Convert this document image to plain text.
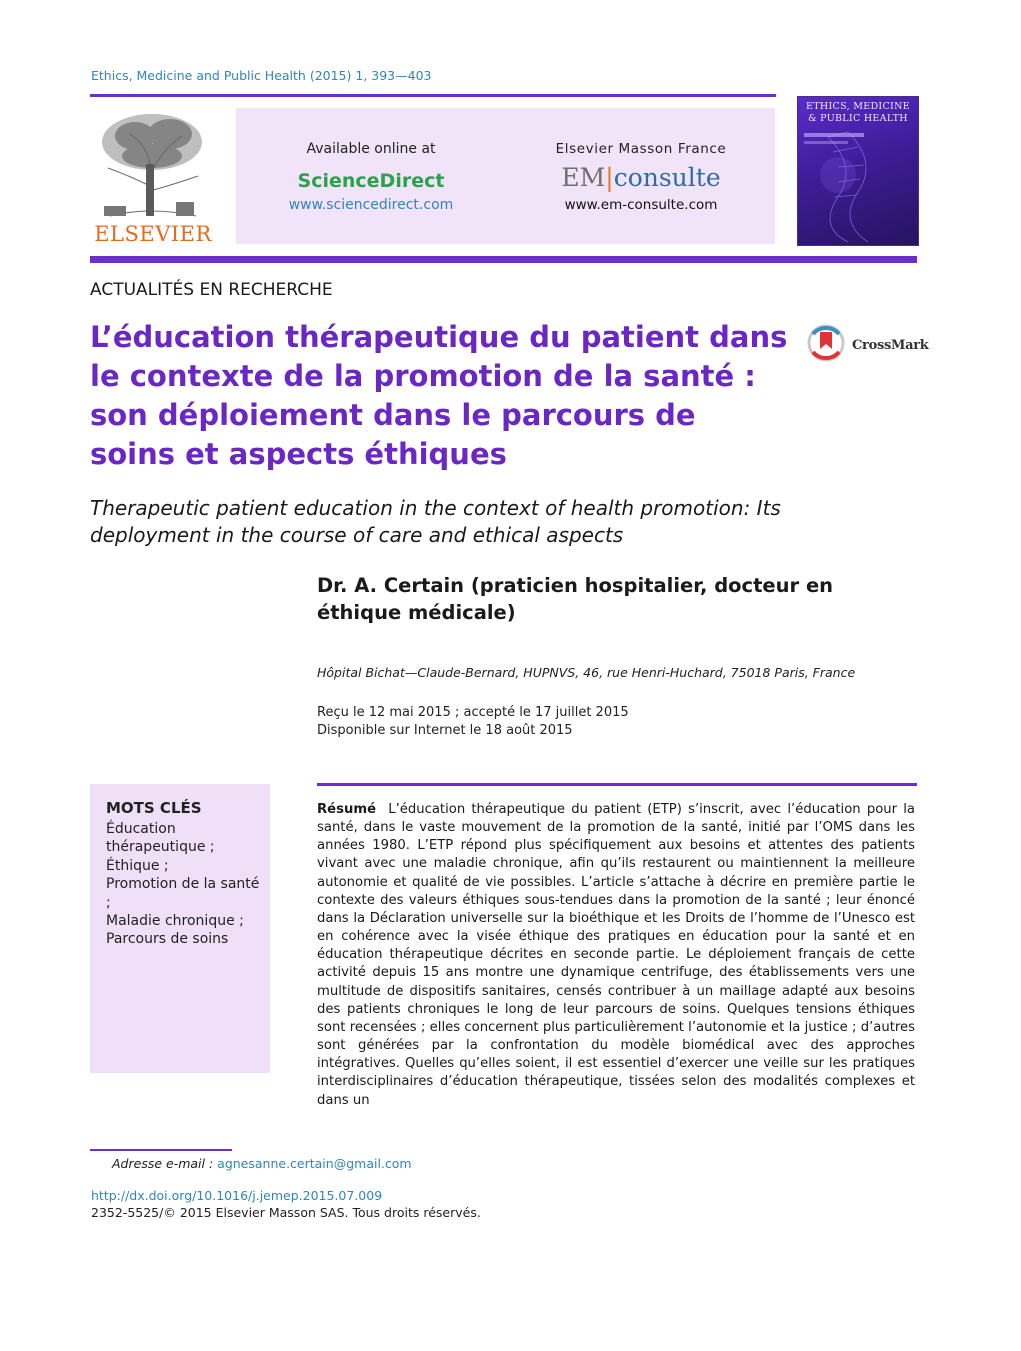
Ethics, Medicine and Public Health (2015) 1, 393—403
ELSEVIER
Available online at
ScienceDirect
www.sciencedirect.com
Elsevier Masson France
EM|consulte
www.em-consulte.com
ETHICS, MEDICINE
& PUBLIC HEALTH
ACTUALITÉS EN RECHERCHE
L’éducation thérapeutique du patient dans le contexte de la promotion de la santé : son déploiement dans le parcours de soins et aspects éthiques
CrossMark
Therapeutic patient education in the context of health promotion: Its deployment in the course of care and ethical aspects
Dr. A. Certain (praticien hospitalier, docteur en éthique médicale)
Hôpital Bichat—Claude-Bernard, HUPNVS, 46, rue Henri-Huchard, 75018 Paris, France
Reçu le 12 mai 2015 ; accepté le 17 juillet 2015
Disponible sur Internet le 18 août 2015
MOTS CLÉS
Éducation thérapeutique ;
Éthique ;
Promotion de la santé ;
Maladie chronique ;
Parcours de soins
Résumé L’éducation thérapeutique du patient (ETP) s’inscrit, avec l’éducation pour la santé, dans le vaste mouvement de la promotion de la santé, initié par l’OMS dans les années 1980. L’ETP répond plus spécifiquement aux besoins et attentes des patients vivant avec une maladie chronique, afin qu’ils restaurent ou maintiennent la meilleure autonomie et qualité de vie possibles. L’article s’attache à décrire en première partie le contexte des valeurs éthiques sous-tendues dans la promotion de la santé ; leur énoncé dans la Déclaration universelle sur la bioéthique et les Droits de l’homme de l’Unesco est en cohérence avec la visée éthique des pratiques en éducation pour la santé et en éducation thérapeutique décrites en seconde partie. Le déploiement français de cette activité depuis 15 ans montre une dynamique centrifuge, des établissements vers une multitude de dispositifs sanitaires, censés contribuer à un maillage adapté aux besoins des patients chroniques le long de leur parcours de soins. Quelques tensions éthiques sont recensées ; elles concernent plus particulièrement l’autonomie et la justice ; d’autres sont générées par la confrontation du modèle biomédical avec des approches intégratives. Quelles qu’elles soient, il est essentiel d’exercer une veille sur les pratiques interdisciplinaires d’éducation thérapeutique, tissées selon des modalités complexes et dans un
Adresse e-mail : agnesanne.certain@gmail.com
http://dx.doi.org/10.1016/j.jemep.2015.07.009
2352-5525/© 2015 Elsevier Masson SAS. Tous droits réservés.
